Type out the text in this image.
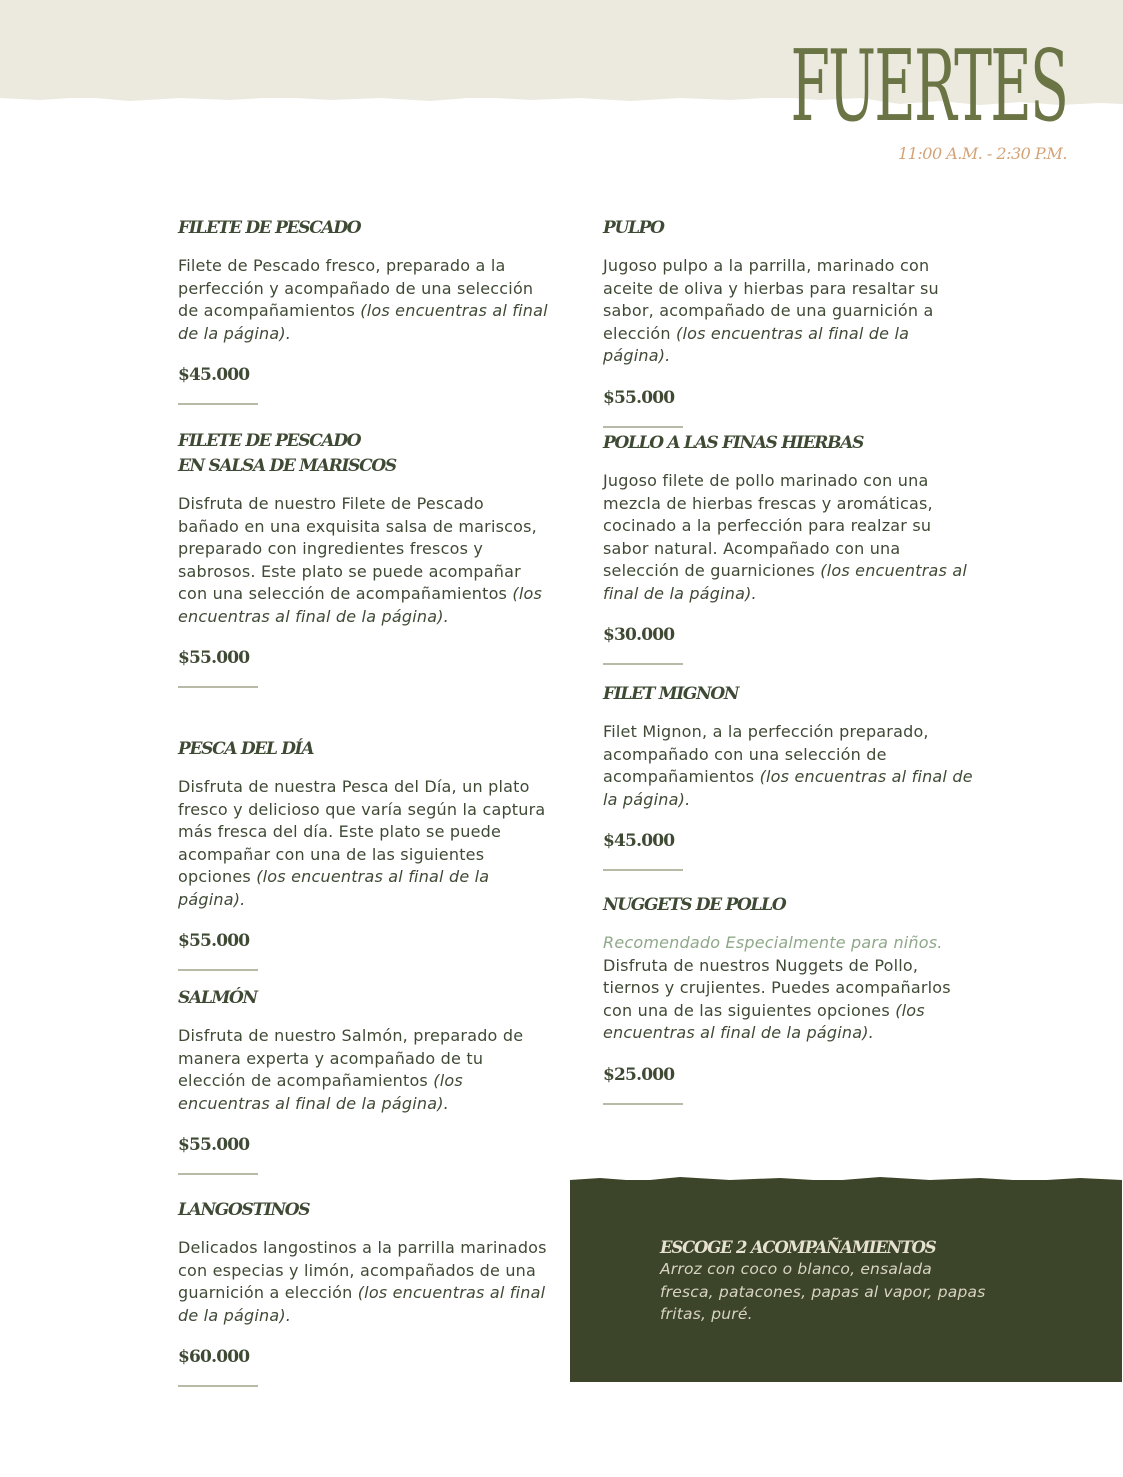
FUERTES
11:00 A.M. - 2:30 P.M.
FILETE DE PESCADO

Filete de Pescado fresco, preparado a la perfección y acompañado de una selección de acompañamientos (los encuentras al final de la página).

$45.000

FILETE DE PESCADO
EN SALSA DE MARISCOS

Disfruta de nuestro Filete de Pescado bañado en una exquisita salsa de mariscos, preparado con ingredientes frescos y sabrosos. Este plato se puede acompañar con una selección de acompañamientos (los encuentras al final de la página).

$55.000

PESCA DEL DÍA

Disfruta de nuestra Pesca del Día, un plato fresco y delicioso que varía según la captura más fresca del día. Este plato se puede acompañar con una de las siguientes opciones (los encuentras al final de la página).

$55.000

SALMÓN

Disfruta de nuestro Salmón, preparado de manera experta y acompañado de tu elección de acompañamientos (los encuentras al final de la página).

$55.000

LANGOSTINOS

Delicados langostinos a la parrilla marinados con especias y limón, acompañados de una guarnición a elección (los encuentras al final de la página).

$60.000

PULPO

Jugoso pulpo a la parrilla, marinado con aceite de oliva y hierbas para resaltar su sabor, acompañado de una guarnición a elección (los encuentras al final de la página).

$55.000

POLLO A LAS FINAS HIERBAS

Jugoso filete de pollo marinado con una mezcla de hierbas frescas y aromáticas, cocinado a la perfección para realzar su sabor natural. Acompañado con una selección de guarniciones (los encuentras al final de la página).

$30.000

FILET MIGNON

Filet Mignon, a la perfección preparado, acompañado con una selección de acompañamientos (los encuentras al final de la página).

$45.000

NUGGETS DE POLLO

Recomendado Especialmente para niños.
Disfruta de nuestros Nuggets de Pollo, tiernos y crujientes. Puedes acompañarlos con una de las siguientes opciones (los encuentras al final de la página).

$25.000

ESCOGE 2 ACOMPAÑAMIENTOS

Arroz con coco o blanco, ensalada fresca, patacones, papas al vapor, papas fritas, puré.
